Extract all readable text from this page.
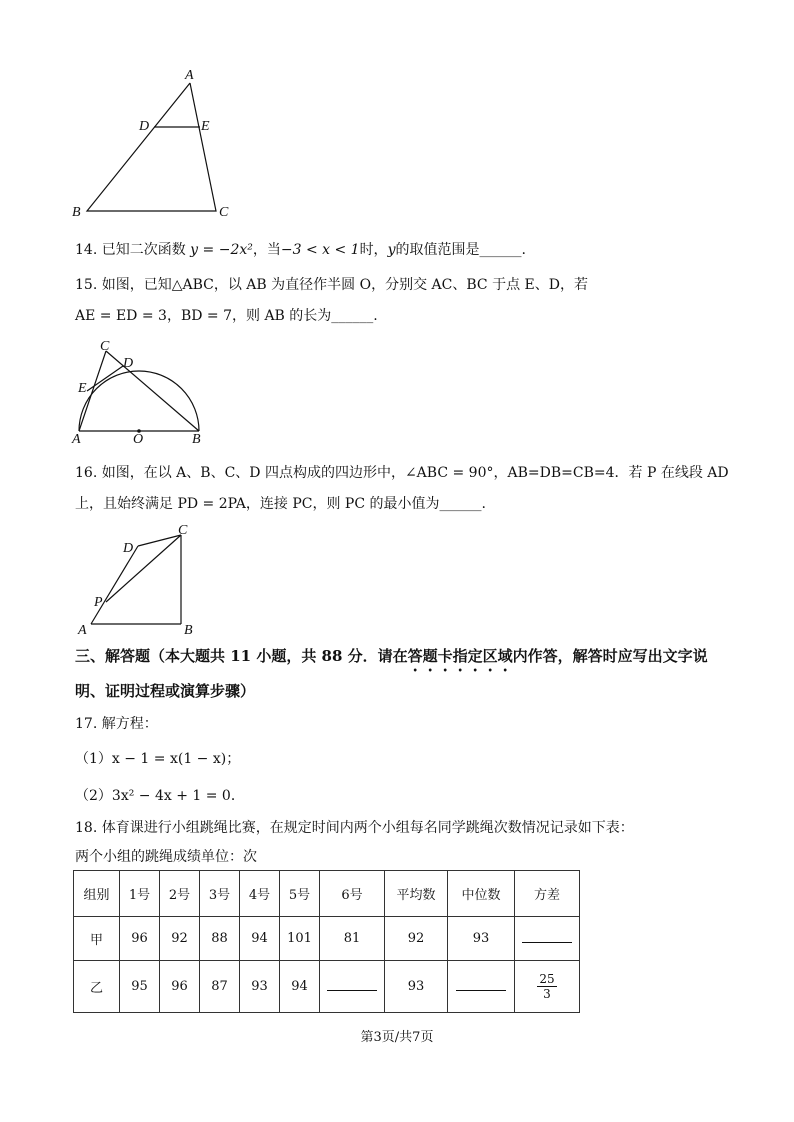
A
D	E
B	C
14. 已知二次函数 y = −2x²，当−3 < x < 1时，y的取值范围是______.
15. 如图，已知△ABC，以 AB 为直径作半圆 O，分别交 AC、BC 于点 E、D，若
AE = ED = 3，BD = 7，则 AB 的长为______.
C
D
E
A	O	B
16. 如图，在以 A、B、C、D 四点构成的四边形中，∠ABC = 90°，AB=DB=CB=4．若 P 在线段 AD
上，且始终满足 PD = 2PA，连接 PC，则 PC 的最小值为______.
C
D
P
A	B
三、解答题（本大题共 11 小题，共 88 分．请在答题卡指定区域内作答，解答时应写出文字说
明、证明过程或演算步骤）
17. 解方程：
（1）x − 1 = x(1 − x)；
（2）3x² − 4x + 1 = 0．
18. 体育课进行小组跳绳比赛，在规定时间内两个小组每名同学跳绳次数情况记录如下表：
两个小组的跳绳成绩单位：次
组别	1号	2号	3号	4号	5号	6号	平均数	中位数	方差
甲	96	92	88	94	101	81	92	93	
乙	95	96	87	93	94		93		$\frac{25}{3}$
第3页/共7页
